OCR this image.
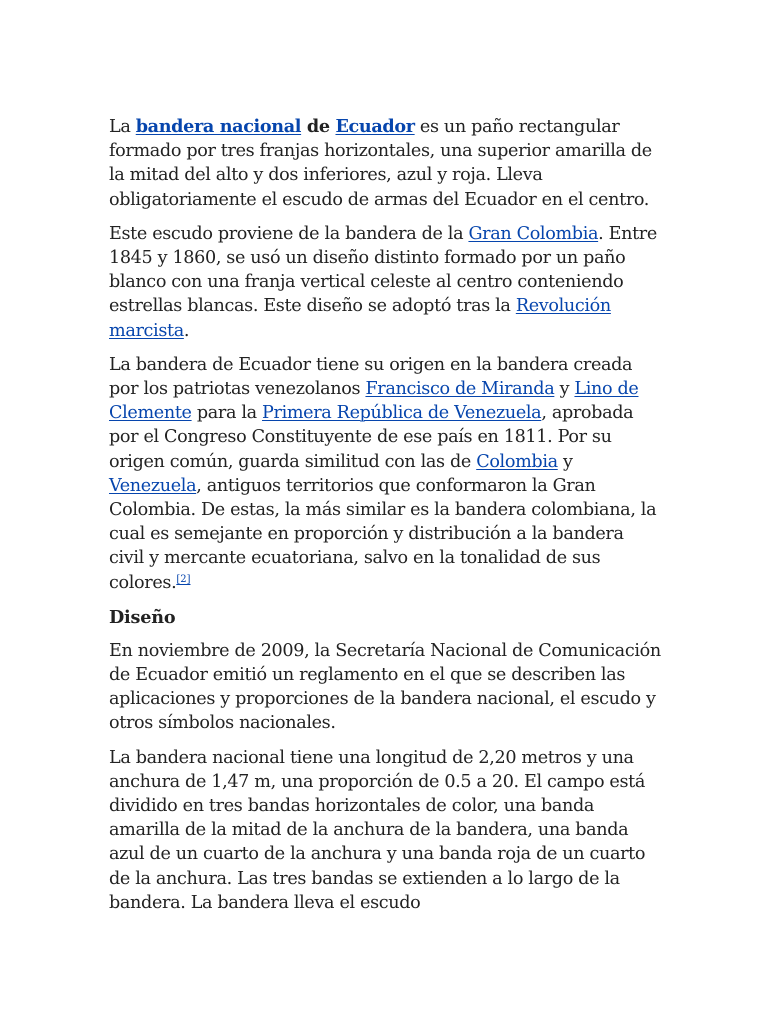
La bandera nacional de Ecuador es un paño rectangular formado por tres franjas horizontales, una superior amarilla de la mitad del alto y dos inferiores, azul y roja. Lleva obligatoriamente el escudo de armas del Ecuador en el centro.

Este escudo proviene de la bandera de la Gran Colombia. Entre 1845 y 1860, se usó un diseño distinto formado por un paño blanco con una franja vertical celeste al centro conteniendo estrellas blancas. Este diseño se adoptó tras la Revolución marcista.

La bandera de Ecuador tiene su origen en la bandera creada por los patriotas venezolanos Francisco de Miranda y Lino de Clemente para la Primera República de Venezuela, aprobada por el Congreso Constituyente de ese país en 1811. Por su origen común, guarda similitud con las de Colombia y Venezuela, antiguos territorios que conformaron la Gran Colombia. De estas, la más similar es la bandera colombiana, la cual es semejante en proporción y distribución a la bandera civil y mercante ecuatoriana, salvo en la tonalidad de sus colores.[2]

Diseño

En noviembre de 2009, la Secretaría Nacional de Comunicación de Ecuador emitió un reglamento en el que se describen las aplicaciones y proporciones de la bandera nacional, el escudo y otros símbolos nacionales.

La bandera nacional tiene una longitud de 2,20 metros y una anchura de 1,47 m, una proporción de 0.5 a 20. El campo está dividido en tres bandas horizontales de color, una banda amarilla de la mitad de la anchura de la bandera, una banda azul de un cuarto de la anchura y una banda roja de un cuarto de la anchura. Las tres bandas se extienden a lo largo de la bandera. La bandera lleva el escudo
